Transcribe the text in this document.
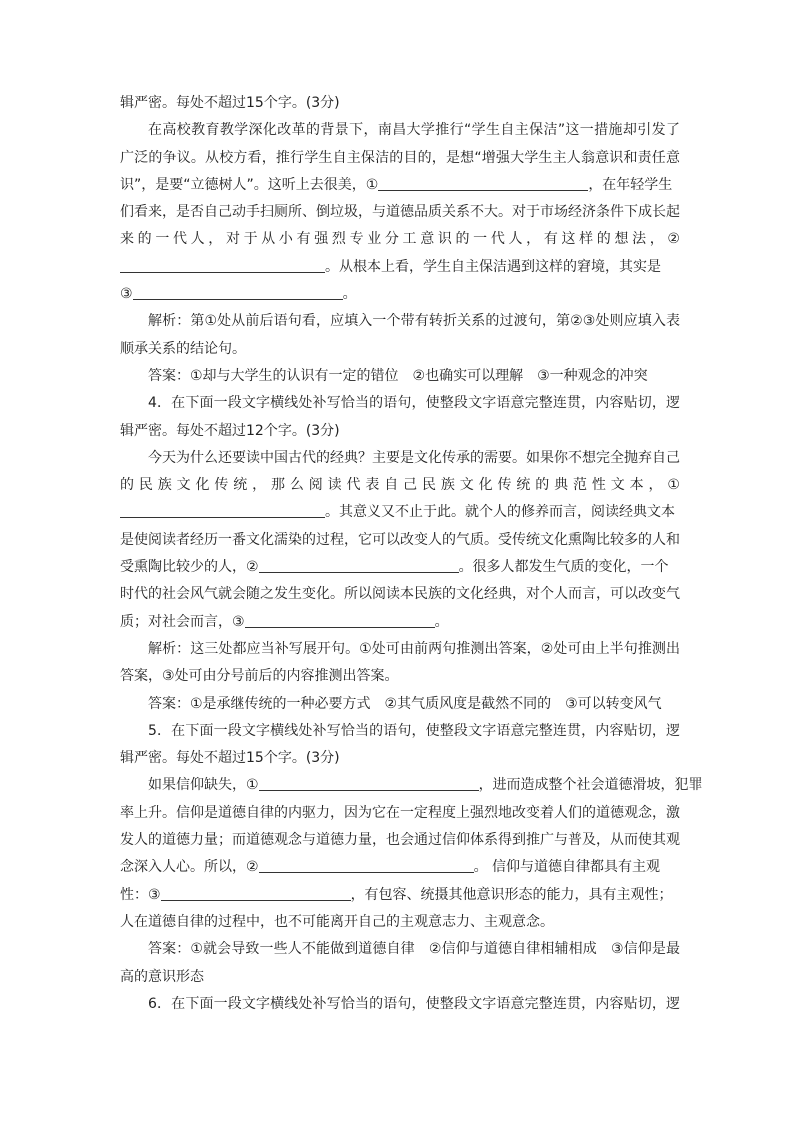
辑严密。每处不超过15个字。(3分)
在高校教育教学深化改革的背景下，南昌大学推行“学生自主保洁”这一措施却引发了
广泛的争议。从校方看，推行学生自主保洁的目的，是想“增强大学生主人翁意识和责任意
识”，是要“立德树人”。这听上去很美，①	，在年轻学生
们看来，是否自己动手扫厕所、倒垃圾，与道德品质关系不大。对于市场经济条件下成长起
来的一代人，对于从小有强烈专业分工意识的一代人，有这样的想法，②
。从根本上看，学生自主保洁遇到这样的窘境，其实是
③	。
解析：第①处从前后语句看，应填入一个带有转折关系的过渡句，第②③处则应填入表
顺承关系的结论句。
答案：①却与大学生的认识有一定的错位　②也确实可以理解　③一种观念的冲突
4．在下面一段文字横线处补写恰当的语句，使整段文字语意完整连贯，内容贴切，逻
辑严密。每处不超过12个字。(3分)
今天为什么还要读中国古代的经典？主要是文化传承的需要。如果你不想完全抛弃自己
的民族文化传统，那么阅读代表自己民族文化传统的典范性文本，①
。其意义又不止于此。就个人的修养而言，阅读经典文本
是使阅读者经历一番文化濡染的过程，它可以改变人的气质。受传统文化熏陶比较多的人和
受熏陶比较少的人，②	。很多人都发生气质的变化，一个
时代的社会风气就会随之发生变化。所以阅读本民族的文化经典，对个人而言，可以改变气
质；对社会而言，③	。
解析：这三处都应当补写展开句。①处可由前两句推测出答案，②处可由上半句推测出
答案，③处可由分号前后的内容推测出答案。
答案：①是承继传统的一种必要方式　②其气质风度是截然不同的　③可以转变风气
5．在下面一段文字横线处补写恰当的语句，使整段文字语意完整连贯，内容贴切，逻
辑严密。每处不超过15个字。(3分)
如果信仰缺失，①	，进而造成整个社会道德滑坡，犯罪
率上升。信仰是道德自律的内驱力，因为它在一定程度上强烈地改变着人们的道德观念，激
发人的道德力量；而道德观念与道德力量，也会通过信仰体系得到推广与普及，从而使其观
念深入人心。所以，②	。 信仰与道德自律都具有主观
性：③	，有包容、统摄其他意识形态的能力，具有主观性；
人在道德自律的过程中，也不可能离开自己的主观意志力、主观意念。
答案：①就会导致一些人不能做到道德自律　②信仰与道德自律相辅相成　③信仰是最
高的意识形态
6．在下面一段文字横线处补写恰当的语句，使整段文字语意完整连贯，内容贴切，逻
